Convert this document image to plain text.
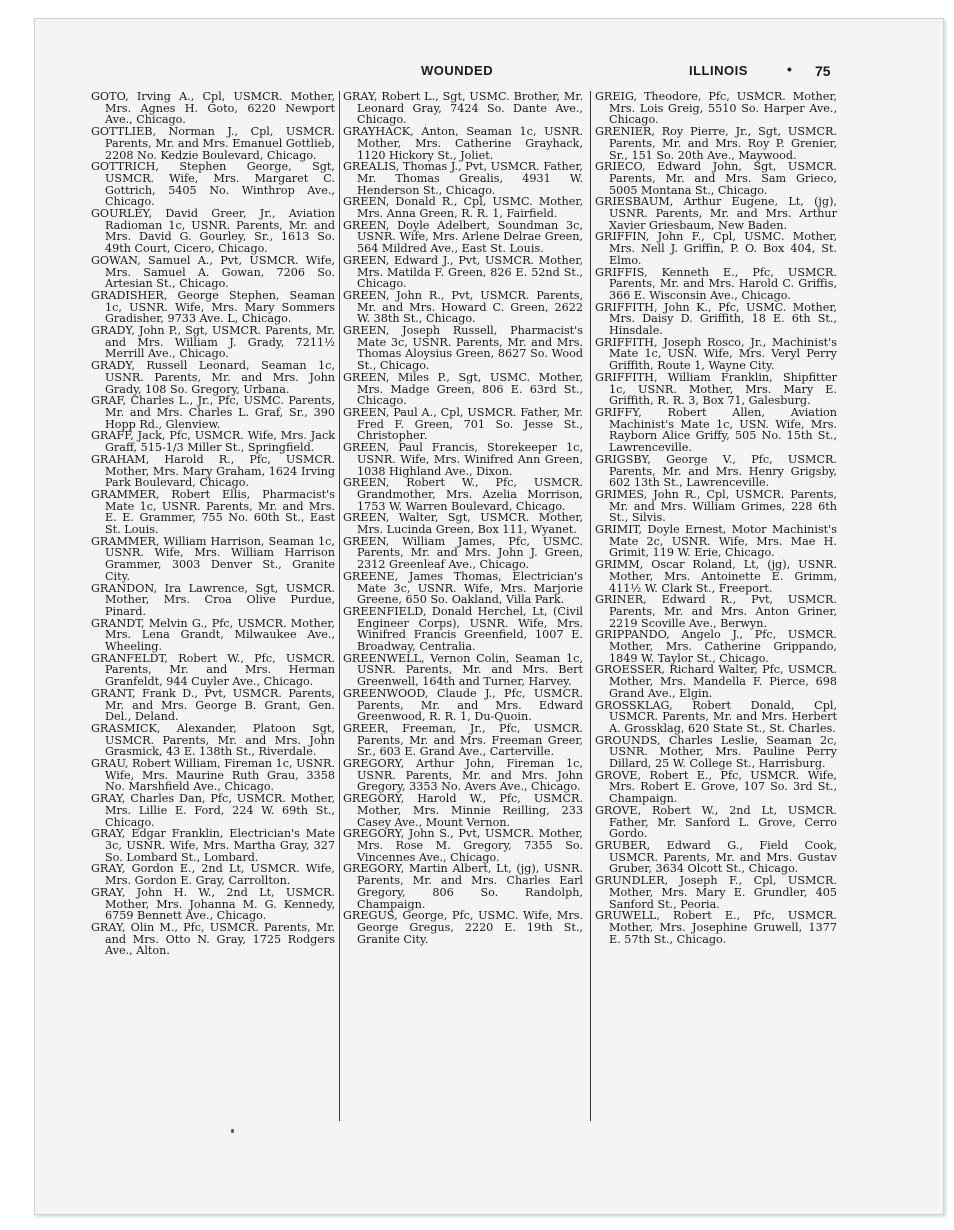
WOUNDED	ILLINOIS	• 75
GOTO, Irving A., Cpl, USMCR. Mother, Mrs. Agnes H. Goto, 6220 Newport Ave., Chicago.
GOTTLIEB, Norman J., Cpl, USMCR. Parents, Mr. and Mrs. Emanuel Gottlieb, 2208 No. Kedzie Boulevard, Chicago.
GOTTRICH, Stephen George, Sgt, USMCR. Wife, Mrs. Margaret C. Gottrich, 5405 No. Winthrop Ave., Chicago.
GOURLEY, David Greer, Jr., Aviation Radioman 1c, USNR. Parents, Mr. and Mrs. David G. Gourley, Sr., 1613 So. 49th Court, Cicero, Chicago.
GOWAN, Samuel A., Pvt, USMCR. Wife, Mrs. Samuel A. Gowan, 7206 So. Artesian St., Chicago.
GRADISHER, George Stephen, Seaman 1c, USNR. Wife, Mrs. Mary Sommers Gradisher, 9733 Ave. L, Chicago.
GRADY, John P., Sgt, USMCR. Parents, Mr. and Mrs. William J. Grady, 7211½ Merrill Ave., Chicago.
GRADY, Russell Leonard, Seaman 1c, USNR. Parents, Mr. and Mrs. John Grady, 108 So. Gregory, Urbana.
GRAF, Charles L., Jr., Pfc, USMC. Parents, Mr. and Mrs. Charles L. Graf, Sr., 390 Hopp Rd., Glenview.
GRAFF, Jack, Pfc, USMCR. Wife, Mrs. Jack Graff, 515-1/3 Miller St., Springfield.
GRAHAM, Harold R., Pfc, USMCR. Mother, Mrs. Mary Graham, 1624 Irving Park Boulevard, Chicago.
GRAMMER, Robert Ellis, Pharmacist's Mate 1c, USNR. Parents, Mr. and Mrs. E. E. Grammer, 755 No. 60th St., East St. Louis.
GRAMMER, William Harrison, Seaman 1c, USNR. Wife, Mrs. William Harrison Grammer, 3003 Denver St., Granite City.
GRANDON, Ira Lawrence, Sgt, USMCR. Mother, Mrs. Croa Olive Purdue, Pinard.
GRANDT, Melvin G., Pfc, USMCR. Mother, Mrs. Lena Grandt, Milwaukee Ave., Wheeling.
GRANFELDT, Robert W., Pfc, USMCR. Parents, Mr. and Mrs. Herman Granfeldt, 944 Cuyler Ave., Chicago.
GRANT, Frank D., Pvt, USMCR. Parents, Mr. and Mrs. George B. Grant, Gen. Del., Deland.
GRASMICK, Alexander, Platoon Sgt, USMCR. Parents, Mr. and Mrs. John Grasmick, 43 E. 138th St., Riverdale.
GRAU, Robert William, Fireman 1c, USNR. Wife, Mrs. Maurine Ruth Grau, 3358 No. Marshfield Ave., Chicago.
GRAY, Charles Dan, Pfc, USMCR. Mother, Mrs. Lillie E. Ford, 224 W. 69th St., Chicago.
GRAY, Edgar Franklin, Electrician's Mate 3c, USNR. Wife, Mrs. Martha Gray, 327 So. Lombard St., Lombard.
GRAY, Gordon E., 2nd Lt, USMCR. Wife, Mrs. Gordon E. Gray, Carrollton.
GRAY, John H. W., 2nd Lt, USMCR. Mother, Mrs. Johanna M. G. Kennedy, 6759 Bennett Ave., Chicago.
GRAY, Olin M., Pfc, USMCR. Parents, Mr. and Mrs. Otto N. Gray, 1725 Rodgers Ave., Alton.
GRAY, Robert L., Sgt, USMC. Brother, Mr. Leonard Gray, 7424 So. Dante Ave., Chicago.
GRAYHACK, Anton, Seaman 1c, USNR. Mother, Mrs. Catherine Grayhack, 1120 Hickory St., Joliet.
GREALIS, Thomas J., Pvt, USMCR. Father, Mr. Thomas Grealis, 4931 W. Henderson St., Chicago.
GREEN, Donald R., Cpl, USMC. Mother, Mrs. Anna Green, R. R. 1, Fairfield.
GREEN, Doyle Adelbert, Soundman 3c, USNR. Wife, Mrs. Arlene Delrae Green, 564 Mildred Ave., East St. Louis.
GREEN, Edward J., Pvt, USMCR. Mother, Mrs. Matilda F. Green, 826 E. 52nd St., Chicago.
GREEN, John R., Pvt, USMCR. Parents, Mr. and Mrs. Howard C. Green, 2622 W. 38th St., Chicago.
GREEN, Joseph Russell, Pharmacist's Mate 3c, USNR. Parents, Mr. and Mrs. Thomas Aloysius Green, 8627 So. Wood St., Chicago.
GREEN, Miles P., Sgt, USMC. Mother, Mrs. Madge Green, 806 E. 63rd St., Chicago.
GREEN, Paul A., Cpl, USMCR. Father, Mr. Fred F. Green, 701 So. Jesse St., Christopher.
GREEN, Paul Francis, Storekeeper 1c, USNR. Wife, Mrs. Winifred Ann Green, 1038 Highland Ave., Dixon.
GREEN, Robert W., Pfc, USMCR. Grandmother, Mrs. Azelia Morrison, 1753 W. Warren Boulevard, Chicago.
GREEN, Walter, Sgt, USMCR. Mother, Mrs. Lucinda Green, Box 111, Wyanet.
GREEN, William James, Pfc, USMC. Parents, Mr. and Mrs. John J. Green, 2312 Greenleaf Ave., Chicago.
GREENE, James Thomas, Electrician's Mate 3c, USNR. Wife, Mrs. Marjorie Greene, 650 So. Oakland, Villa Park.
GREENFIELD, Donald Herchel, Lt, (Civil Engineer Corps), USNR. Wife, Mrs. Winifred Francis Greenfield, 1007 E. Broadway, Centralia.
GREENWELL, Vernon Colin, Seaman 1c, USNR. Parents, Mr. and Mrs. Bert Greenwell, 164th and Turner, Harvey.
GREENWOOD, Claude J., Pfc, USMCR. Parents, Mr. and Mrs. Edward Greenwood, R. R. 1, Du-Quoin.
GREER, Freeman, Jr., Pfc, USMCR. Parents, Mr. and Mrs. Freeman Greer, Sr., 603 E. Grand Ave., Carterville.
GREGORY, Arthur John, Fireman 1c, USNR. Parents, Mr. and Mrs. John Gregory, 3353 No. Avers Ave., Chicago.
GREGORY, Harold W., Pfc, USMCR. Mother, Mrs. Minnie Reilling, 233 Casey Ave., Mount Vernon.
GREGORY, John S., Pvt, USMCR. Mother, Mrs. Rose M. Gregory, 7355 So. Vincennes Ave., Chicago.
GREGORY, Martin Albert, Lt, (jg), USNR. Parents, Mr. and Mrs. Charles Earl Gregory, 806 So. Randolph, Champaign.
GREGUS, George, Pfc, USMC. Wife, Mrs. George Gregus, 2220 E. 19th St., Granite City.
GREIG, Theodore, Pfc, USMCR. Mother, Mrs. Lois Greig, 5510 So. Harper Ave., Chicago.
GRENIER, Roy Pierre, Jr., Sgt, USMCR. Parents, Mr. and Mrs. Roy P. Grenier, Sr., 151 So. 20th Ave., Maywood.
GRIECO, Edward John, Sgt, USMCR. Parents, Mr. and Mrs. Sam Grieco, 5005 Montana St., Chicago.
GRIESBAUM, Arthur Eugene, Lt, (jg), USNR. Parents, Mr. and Mrs. Arthur Xavier Griesbaum, New Baden.
GRIFFIN, John F., Cpl, USMC. Mother, Mrs. Nell J. Griffin, P. O. Box 404, St. Elmo.
GRIFFIS, Kenneth E., Pfc, USMCR. Parents, Mr. and Mrs. Harold C. Griffis, 366 E. Wisconsin Ave., Chicago.
GRIFFITH, John K., Pfc, USMC. Mother, Mrs. Daisy D. Griffith, 18 E. 6th St., Hinsdale.
GRIFFITH, Joseph Rosco, Jr., Machinist's Mate 1c, USN. Wife, Mrs. Veryl Perry Griffith, Route 1, Wayne City.
GRIFFITH, William Franklin, Shipfitter 1c, USNR. Mother, Mrs. Mary E. Griffith, R. R. 3, Box 71, Galesburg.
GRIFFY, Robert Allen, Aviation Machinist's Mate 1c, USN. Wife, Mrs. Rayborn Alice Griffy, 505 No. 15th St., Lawrenceville.
GRIGSBY, George V., Pfc, USMCR. Parents, Mr. and Mrs. Henry Grigsby, 602 13th St., Lawrenceville.
GRIMES, John R., Cpl, USMCR. Parents, Mr. and Mrs. William Grimes, 228 6th St., Silvis.
GRIMIT, Doyle Ernest, Motor Machinist's Mate 2c, USNR. Wife, Mrs. Mae H. Grimit, 119 W. Erie, Chicago.
GRIMM, Oscar Roland, Lt, (jg), USNR. Mother, Mrs. Antoinette E. Grimm, 411½ W. Clark St., Freeport.
GRINER, Edward R., Pvt, USMCR. Parents, Mr. and Mrs. Anton Griner, 2219 Scoville Ave., Berwyn.
GRIPPANDO, Angelo J., Pfc, USMCR. Mother, Mrs. Catherine Grippando, 1849 W. Taylor St., Chicago.
GROESSER, Richard Walter, Pfc, USMCR. Mother, Mrs. Mandella F. Pierce, 698 Grand Ave., Elgin.
GROSSKLAG, Robert Donald, Cpl, USMCR. Parents, Mr. and Mrs. Herbert A. Grossklag, 620 State St., St. Charles.
GROUNDS, Charles Leslie, Seaman 2c, USNR. Mother, Mrs. Pauline Perry Dillard, 25 W. College St., Harrisburg.
GROVE, Robert E., Pfc, USMCR. Wife, Mrs. Robert E. Grove, 107 So. 3rd St., Champaign.
GROVE, Robert W., 2nd Lt, USMCR. Father, Mr. Sanford L. Grove, Cerro Gordo.
GRUBER, Edward G., Field Cook, USMCR. Parents, Mr. and Mrs. Gustav Gruber, 3634 Olcott St., Chicago.
GRUNDLER, Joseph F., Cpl, USMCR. Mother, Mrs. Mary E. Grundler, 405 Sanford St., Peoria.
GRUWELL, Robert E., Pfc, USMCR. Mother, Mrs. Josephine Gruwell, 1377 E. 57th St., Chicago.
